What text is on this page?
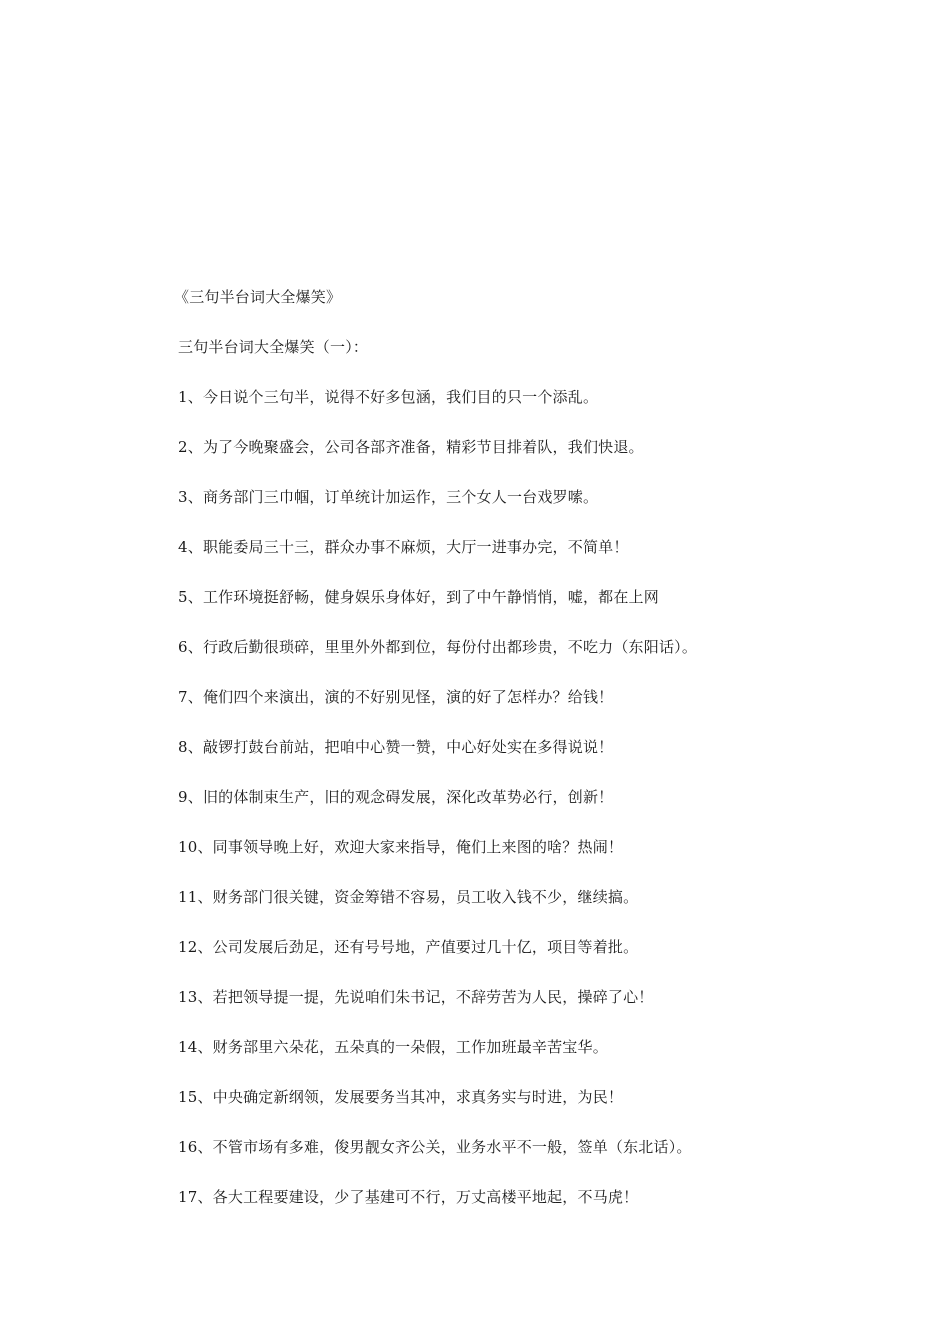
《三句半台词大全爆笑》
三句半台词大全爆笑（一）：
1、今日说个三句半，说得不好多包涵，我们目的只一个添乱。
2、为了今晚聚盛会，公司各部齐准备，精彩节目排着队，我们快退。
3、商务部门三巾帼，订单统计加运作，三个女人一台戏罗嗦。
4、职能委局三十三，群众办事不麻烦，大厅一进事办完，不简单！
5、工作环境挺舒畅，健身娱乐身体好，到了中午静悄悄，嘘，都在上网
6、行政后勤很琐碎，里里外外都到位，每份付出都珍贵，不吃力（东阳话）。
7、俺们四个来演出，演的不好别见怪，演的好了怎样办？给钱！
8、敲锣打鼓台前站，把咱中心赞一赞，中心好处实在多得说说！
9、旧的体制束生产，旧的观念碍发展，深化改革势必行，创新！
10、同事领导晚上好，欢迎大家来指导，俺们上来图的啥？热闹！
11、财务部门很关键，资金筹错不容易，员工收入钱不少，继续搞。
12、公司发展后劲足，还有号号地，产值要过几十亿，项目等着批。
13、若把领导提一提，先说咱们朱书记，不辞劳苦为人民，操碎了心！
14、财务部里六朵花，五朵真的一朵假，工作加班最辛苦宝华。
15、中央确定新纲领，发展要务当其冲，求真务实与时进，为民！
16、不管市场有多难，俊男靓女齐公关，业务水平不一般，签单（东北话）。
17、各大工程要建设，少了基建可不行，万丈高楼平地起，不马虎！
